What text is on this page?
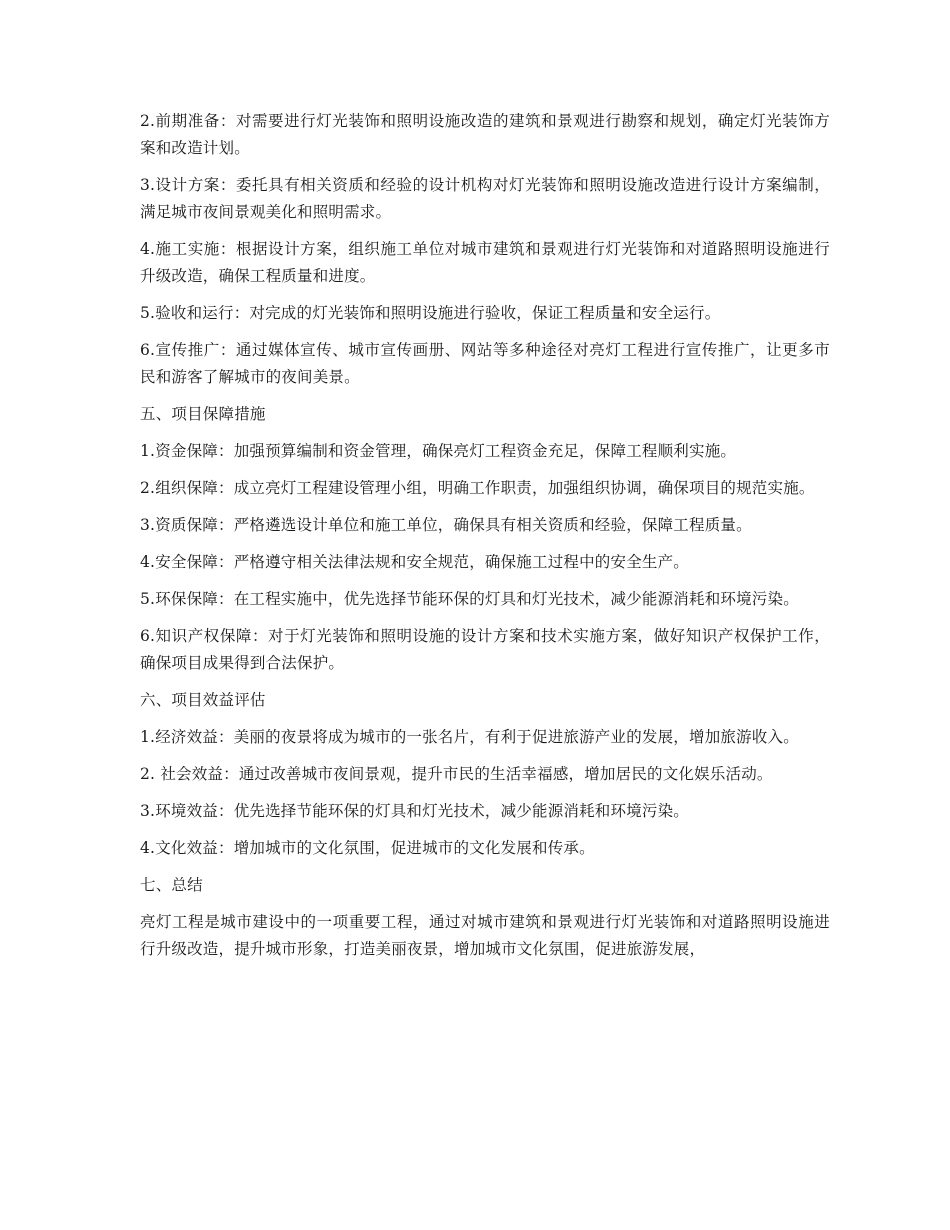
2.前期准备：对需要进行灯光装饰和照明设施改造的建筑和景观进行勘察和规划，确定灯光装饰方案和改造计划。

3.设计方案：委托具有相关资质和经验的设计机构对灯光装饰和照明设施改造进行设计方案编制，满足城市夜间景观美化和照明需求。

4.施工实施：根据设计方案，组织施工单位对城市建筑和景观进行灯光装饰和对道路照明设施进行升级改造，确保工程质量和进度。

5.验收和运行：对完成的灯光装饰和照明设施进行验收，保证工程质量和安全运行。

6.宣传推广：通过媒体宣传、城市宣传画册、网站等多种途径对亮灯工程进行宣传推广，让更多市民和游客了解城市的夜间美景。

五、项目保障措施

1.资金保障：加强预算编制和资金管理，确保亮灯工程资金充足，保障工程顺利实施。

2.组织保障：成立亮灯工程建设管理小组，明确工作职责，加强组织协调，确保项目的规范实施。

3.资质保障：严格遴选设计单位和施工单位，确保具有相关资质和经验，保障工程质量。

4.安全保障：严格遵守相关法律法规和安全规范，确保施工过程中的安全生产。

5.环保保障：在工程实施中，优先选择节能环保的灯具和灯光技术，减少能源消耗和环境污染。

6.知识产权保障：对于灯光装饰和照明设施的设计方案和技术实施方案，做好知识产权保护工作，确保项目成果得到合法保护。

六、项目效益评估

1.经济效益：美丽的夜景将成为城市的一张名片，有利于促进旅游产业的发展，增加旅游收入。

2. 社会效益：通过改善城市夜间景观，提升市民的生活幸福感，增加居民的文化娱乐活动。

3.环境效益：优先选择节能环保的灯具和灯光技术，减少能源消耗和环境污染。

4.文化效益：增加城市的文化氛围，促进城市的文化发展和传承。

七、总结

亮灯工程是城市建设中的一项重要工程，通过对城市建筑和景观进行灯光装饰和对道路照明设施进行升级改造，提升城市形象，打造美丽夜景，增加城市文化氛围，促进旅游发展，
